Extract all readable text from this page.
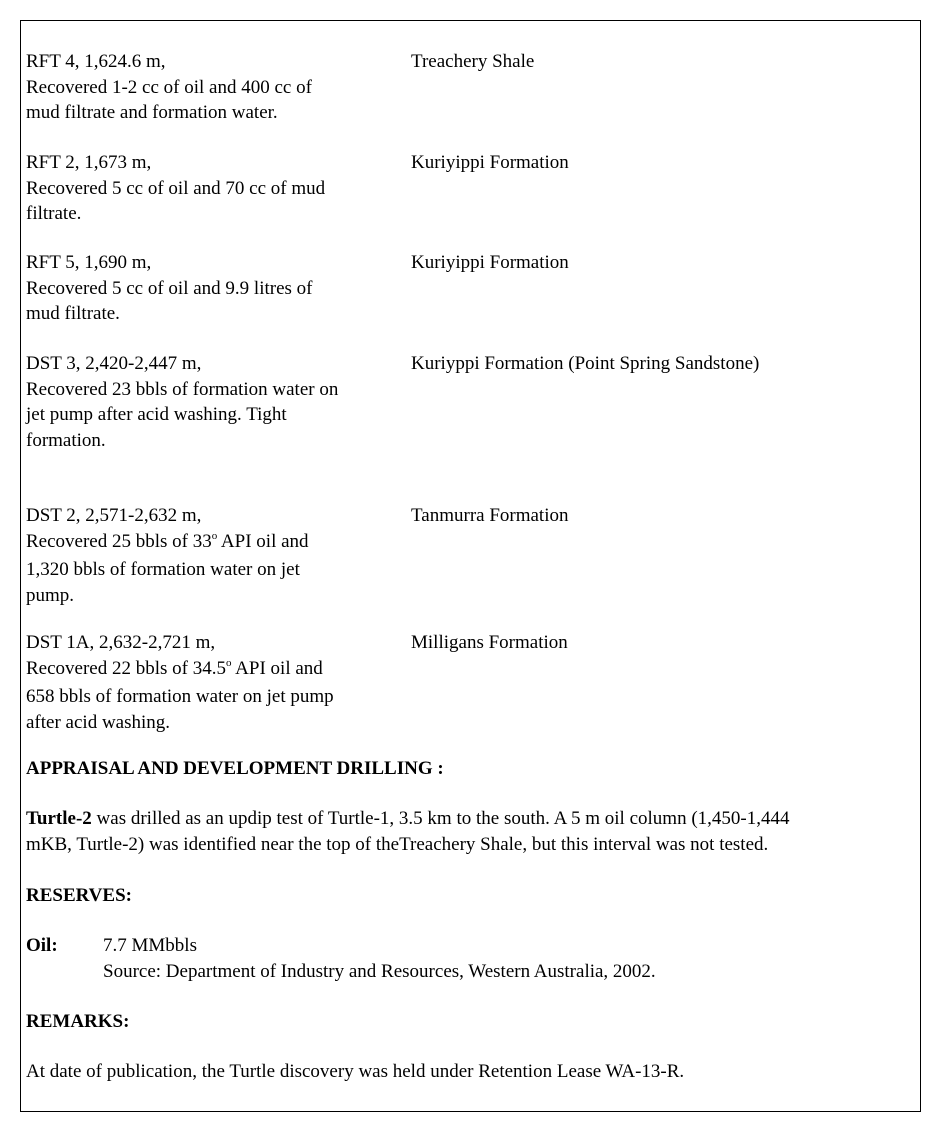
RFT 4, 1,624.6 m,
Recovered 1-2 cc of oil and 400 cc of
mud filtrate and formation water.
Treachery Shale
RFT 2, 1,673 m,
Recovered 5 cc of oil and 70 cc of mud
filtrate.
Kuriyippi Formation
RFT 5, 1,690 m,
Recovered 5 cc of oil and 9.9 litres of
mud filtrate.
Kuriyippi Formation
DST 3, 2,420-2,447 m,
Recovered 23 bbls of formation water on
jet pump after acid washing. Tight
formation.
Kuriyppi Formation (Point Spring Sandstone)
DST 2, 2,571-2,632 m,
Recovered 25 bbls of 33$^o$ API oil and
1,320 bbls of formation water on jet
pump.
Tanmurra Formation
DST 1A, 2,632-2,721 m,
Recovered 22 bbls of 34.5$^o$ API oil and
658 bbls of formation water on jet pump
after acid washing.
Milligans Formation
APPRAISAL AND DEVELOPMENT DRILLING :
Turtle-2 was drilled as an updip test of Turtle-1, 3.5 km to the south. A 5 m oil column (1,450-1,444
mKB, Turtle-2) was identified near the top of theTreachery Shale, but this interval was not tested.
RESERVES:
Oil: 7.7 MMbbls
Source: Department of Industry and Resources, Western Australia, 2002.
REMARKS:
At date of publication, the Turtle discovery was held under Retention Lease WA-13-R.
